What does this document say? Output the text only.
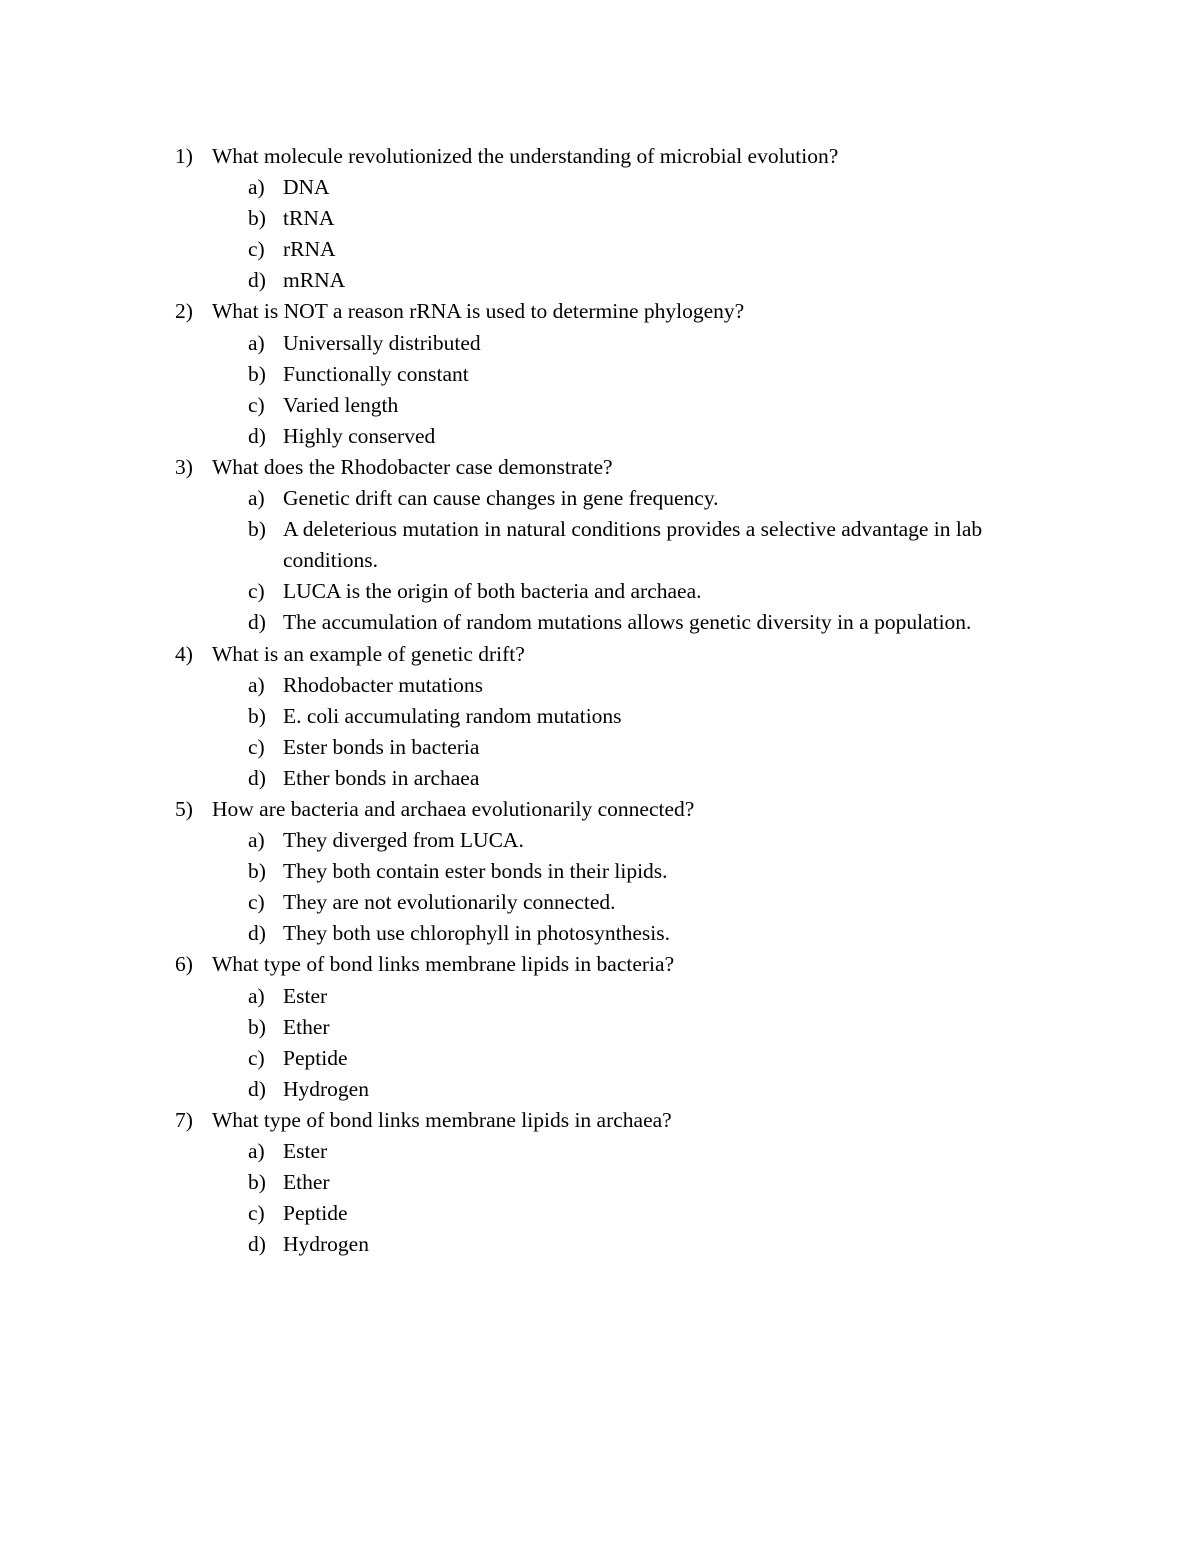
1) What molecule revolutionized the understanding of microbial evolution?
a) DNA
b) tRNA
c) rRNA
d) mRNA
2) What is NOT a reason rRNA is used to determine phylogeny?
a) Universally distributed
b) Functionally constant
c) Varied length
d) Highly conserved
3) What does the Rhodobacter case demonstrate?
a) Genetic drift can cause changes in gene frequency.
b) A deleterious mutation in natural conditions provides a selective advantage in lab conditions.
c) LUCA is the origin of both bacteria and archaea.
d) The accumulation of random mutations allows genetic diversity in a population.
4) What is an example of genetic drift?
a) Rhodobacter mutations
b) E. coli accumulating random mutations
c) Ester bonds in bacteria
d) Ether bonds in archaea
5) How are bacteria and archaea evolutionarily connected?
a) They diverged from LUCA.
b) They both contain ester bonds in their lipids.
c) They are not evolutionarily connected.
d) They both use chlorophyll in photosynthesis.
6) What type of bond links membrane lipids in bacteria?
a) Ester
b) Ether
c) Peptide
d) Hydrogen
7) What type of bond links membrane lipids in archaea?
a) Ester
b) Ether
c) Peptide
d) Hydrogen
